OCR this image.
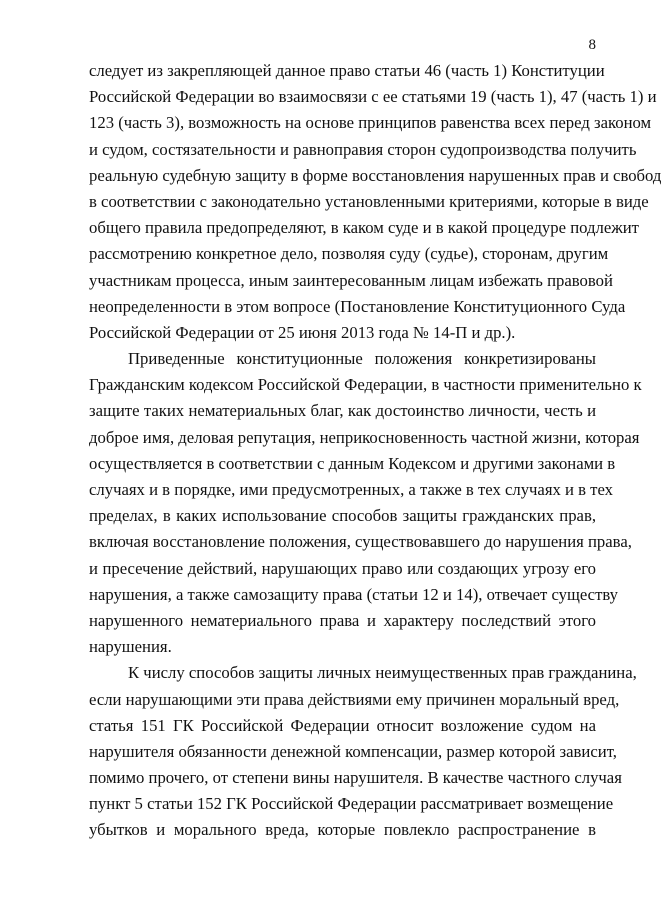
8

следует из закрепляющей данное право статьи 46 (часть 1) Конституции
Российской Федерации во взаимосвязи с ее статьями 19 (часть 1), 47 (часть 1) и
123 (часть 3), возможность на основе принципов равенства всех перед законом
и судом, состязательности и равноправия сторон судопроизводства получить
реальную судебную защиту в форме восстановления нарушенных прав и свобод
в соответствии с законодательно установленными критериями, которые в виде
общего правила предопределяют, в каком суде и в какой процедуре подлежит
рассмотрению конкретное дело, позволяя суду (судье), сторонам, другим
участникам процесса, иным заинтересованным лицам избежать правовой
неопределенности в этом вопросе (Постановление Конституционного Суда
Российской Федерации от 25 июня 2013 года № 14-П и др.).

Приведенные конституционные положения конкретизированы
Гражданским кодексом Российской Федерации, в частности применительно к
защите таких нематериальных благ, как достоинство личности, честь и
доброе имя, деловая репутация, неприкосновенность частной жизни, которая
осуществляется в соответствии с данным Кодексом и другими законами в
случаях и в порядке, ими предусмотренных, а также в тех случаях и в тех
пределах, в каких использование способов защиты гражданских прав,
включая восстановление положения, существовавшего до нарушения права,
и пресечение действий, нарушающих право или создающих угрозу его
нарушения, а также самозащиту права (статьи 12 и 14), отвечает существу
нарушенного нематериального права и характеру последствий этого
нарушения.

К числу способов защиты личных неимущественных прав гражданина,
если нарушающими эти права действиями ему причинен моральный вред,
статья 151 ГК Российской Федерации относит возложение судом на
нарушителя обязанности денежной компенсации, размер которой зависит,
помимо прочего, от степени вины нарушителя. В качестве частного случая
пункт 5 статьи 152 ГК Российской Федерации рассматривает возмещение
убытков и морального вреда, которые повлекло распространение в
